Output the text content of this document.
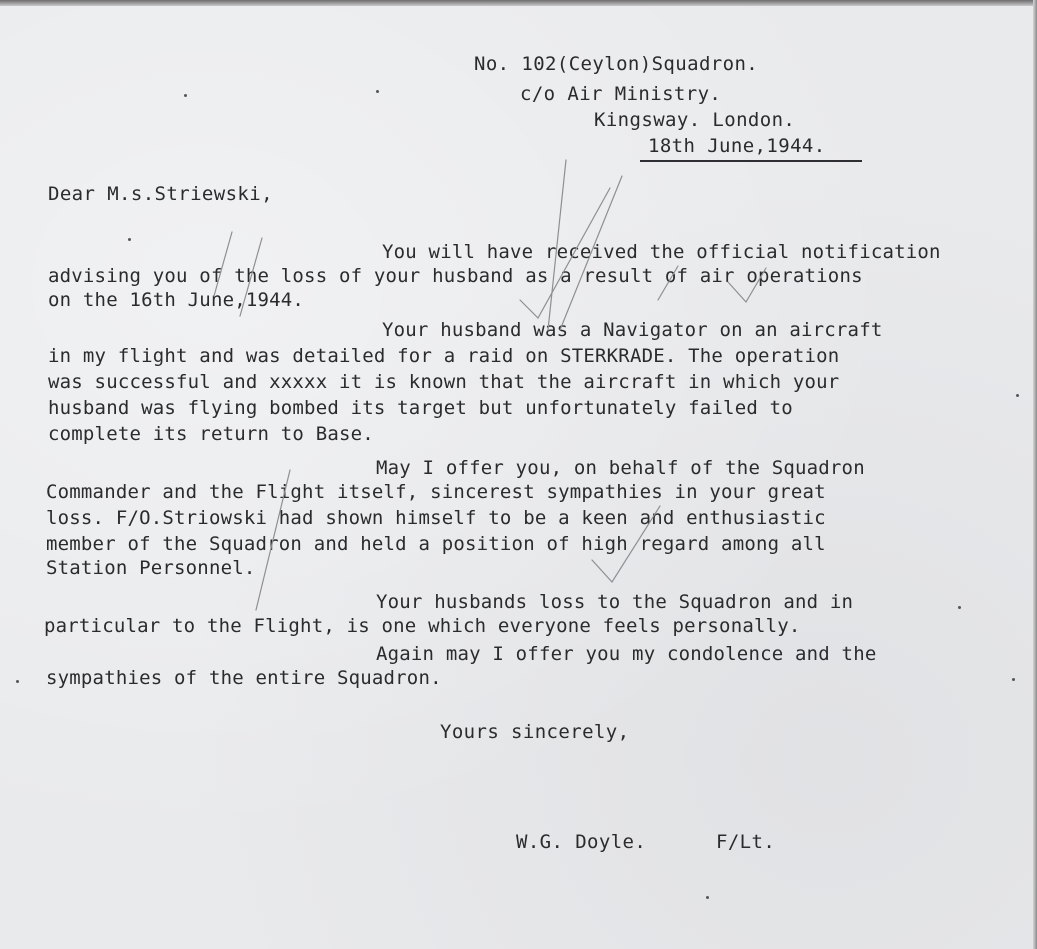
No. 102(Ceylon)Squadron.

c/o Air Ministry.

Kingsway. London.

18th June,1944.

Dear M.s.Striewski,

You will have received the official notification

advising you of the loss of your husband as a result of air operations

on the 16th June,1944.

Your husband was a Navigator on an aircraft

in my flight and was detailed for a raid on STERKRADE. The operation

was successful and xxxxx it is known that the aircraft in which your

husband was flying bombed its target but unfortunately failed to

complete its return to Base.

May I offer you, on behalf of the Squadron

Commander and the Flight itself, sincerest sympathies in your great

loss. F/O.Striowski had shown himself to be a keen and enthusiastic

member of the Squadron and held a position of high regard among all

Station Personnel.

Your husbands loss to the Squadron and in

particular to the Flight, is one which everyone feels personally.

Again may I offer you my condolence and the

sympathies of the entire Squadron.

Yours sincerely,

W.G. Doyle.	F/Lt.
